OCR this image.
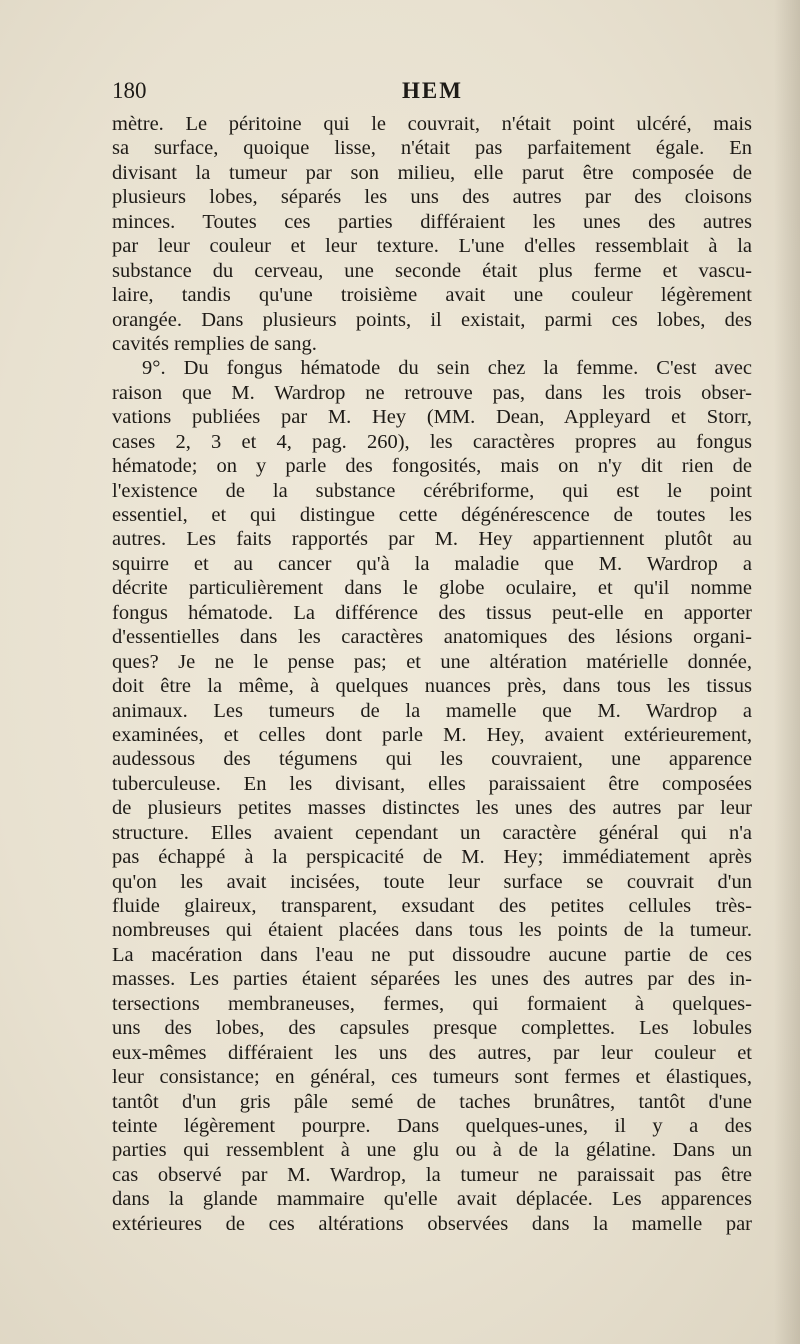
180	HEM
mètre. Le péritoine qui le couvrait, n'était point ulcéré, mais
sa surface, quoique lisse, n'était pas parfaitement égale. En
divisant la tumeur par son milieu, elle parut être composée de
plusieurs lobes, séparés les uns des autres par des cloisons
minces. Toutes ces parties différaient les unes des autres
par leur couleur et leur texture. L'une d'elles ressemblait à la
substance du cerveau, une seconde était plus ferme et vascu-
laire, tandis qu'une troisième avait une couleur légèrement
orangée. Dans plusieurs points, il existait, parmi ces lobes, des
cavités remplies de sang.
9°. Du fongus hématode du sein chez la femme. C'est avec
raison que M. Wardrop ne retrouve pas, dans les trois obser-
vations publiées par M. Hey (MM. Dean, Appleyard et Storr,
cases 2, 3 et 4, pag. 260), les caractères propres au fongus
hématode; on y parle des fongosités, mais on n'y dit rien de
l'existence de la substance cérébriforme, qui est le point
essentiel, et qui distingue cette dégénérescence de toutes les
autres. Les faits rapportés par M. Hey appartiennent plutôt au
squirre et au cancer qu'à la maladie que M. Wardrop a
décrite particulièrement dans le globe oculaire, et qu'il nomme
fongus hématode. La différence des tissus peut-elle en apporter
d'essentielles dans les caractères anatomiques des lésions organi-
ques? Je ne le pense pas; et une altération matérielle donnée,
doit être la même, à quelques nuances près, dans tous les tissus
animaux. Les tumeurs de la mamelle que M. Wardrop a
examinées, et celles dont parle M. Hey, avaient extérieurement,
audessous des tégumens qui les couvraient, une apparence
tuberculeuse. En les divisant, elles paraissaient être composées
de plusieurs petites masses distinctes les unes des autres par leur
structure. Elles avaient cependant un caractère général qui n'a
pas échappé à la perspicacité de M. Hey; immédiatement après
qu'on les avait incisées, toute leur surface se couvrait d'un
fluide glaireux, transparent, exsudant des petites cellules très-
nombreuses qui étaient placées dans tous les points de la tumeur.
La macération dans l'eau ne put dissoudre aucune partie de ces
masses. Les parties étaient séparées les unes des autres par des in-
tersections membraneuses, fermes, qui formaient à quelques-
uns des lobes, des capsules presque complettes. Les lobules
eux-mêmes différaient les uns des autres, par leur couleur et
leur consistance; en général, ces tumeurs sont fermes et élastiques,
tantôt d'un gris pâle semé de taches brunâtres, tantôt d'une
teinte légèrement pourpre. Dans quelques-unes, il y a des
parties qui ressemblent à une glu ou à de la gélatine. Dans un
cas observé par M. Wardrop, la tumeur ne paraissait pas être
dans la glande mammaire qu'elle avait déplacée. Les apparences
extérieures de ces altérations observées dans la mamelle par
